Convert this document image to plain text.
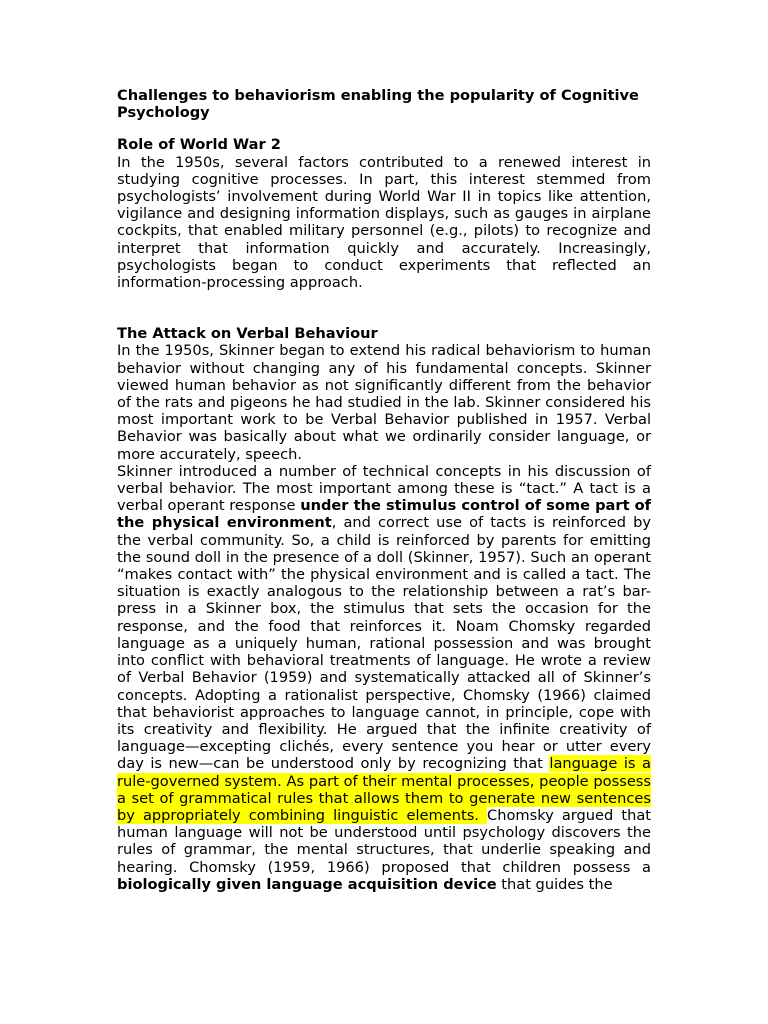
Challenges to behaviorism enabling the popularity of Cognitive Psychology
Role of World War 2

In the 1950s, several factors contributed to a renewed interest in studying cognitive processes. In part, this interest stemmed from psychologists’ involvement during World War II in topics like attention, vigilance and designing information displays, such as gauges in airplane cockpits, that enabled military personnel (e.g., pilots) to recognize and interpret that information quickly and accurately. Increasingly, psychologists began to conduct experiments that reflected an information-processing approach.

The Attack on Verbal Behaviour

In the 1950s, Skinner began to extend his radical behaviorism to human behavior without changing any of his fundamental concepts. Skinner viewed human behavior as not significantly different from the behavior of the rats and pigeons he had studied in the lab. Skinner considered his most important work to be Verbal Behavior published in 1957. Verbal Behavior was basically about what we ordinarily consider language, or more accurately, speech.

Skinner introduced a number of technical concepts in his discussion of verbal behavior. The most important among these is “tact.” A tact is a verbal operant response under the stimulus control of some part of the physical environment, and correct use of tacts is reinforced by the verbal community. So, a child is reinforced by parents for emitting the sound doll in the presence of a doll (Skinner, 1957). Such an operant “makes contact with” the physical environment and is called a tact. The situation is exactly analogous to the relationship between a rat’s bar-press in a Skinner box, the stimulus that sets the occasion for the response, and the food that reinforces it. Noam Chomsky regarded language as a uniquely human, rational possession and was brought into conflict with behavioral treatments of language. He wrote a review of Verbal Behavior (1959) and systematically attacked all of Skinner’s concepts. Adopting a rationalist perspective, Chomsky (1966) claimed that behaviorist approaches to language cannot, in principle, cope with its creativity and flexibility. He argued that the infinite creativity of language—excepting clichés, every sentence you hear or utter every day is new—can be understood only by recognizing that language is a rule-governed system. As part of their mental processes, people possess a set of grammatical rules that allows them to generate new sentences by appropriately combining linguistic elements. Chomsky argued that human language will not be understood until psychology discovers the rules of grammar, the mental structures, that underlie speaking and hearing. Chomsky (1959, 1966) proposed that children possess a biologically given language acquisition device that guides the
